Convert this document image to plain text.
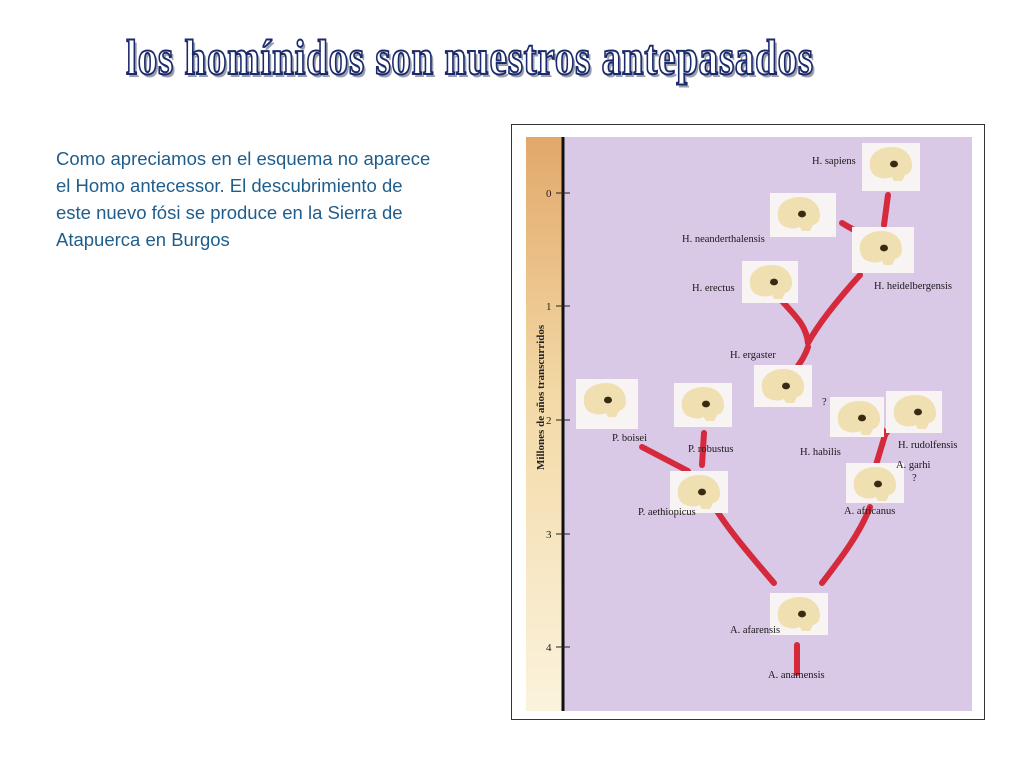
los homínidos son nuestros antepasados
Como apreciamos en el esquema no aparece el Homo antecessor. El descubrimiento de este nuevo fósi se produce en la Sierra de Atapuerca en Burgos
0
1
2
3
4
Millones de años transcurridos
H. sapiens
H. neanderthalensis
H. heidelbergensis
H. erectus
H. ergaster
?
H. habilis
H. rudolfensis
A. garhi
?
P. boisei
P. robustus
P. aethiopicus	A. africanus
A. afarensis
A. anamensis
